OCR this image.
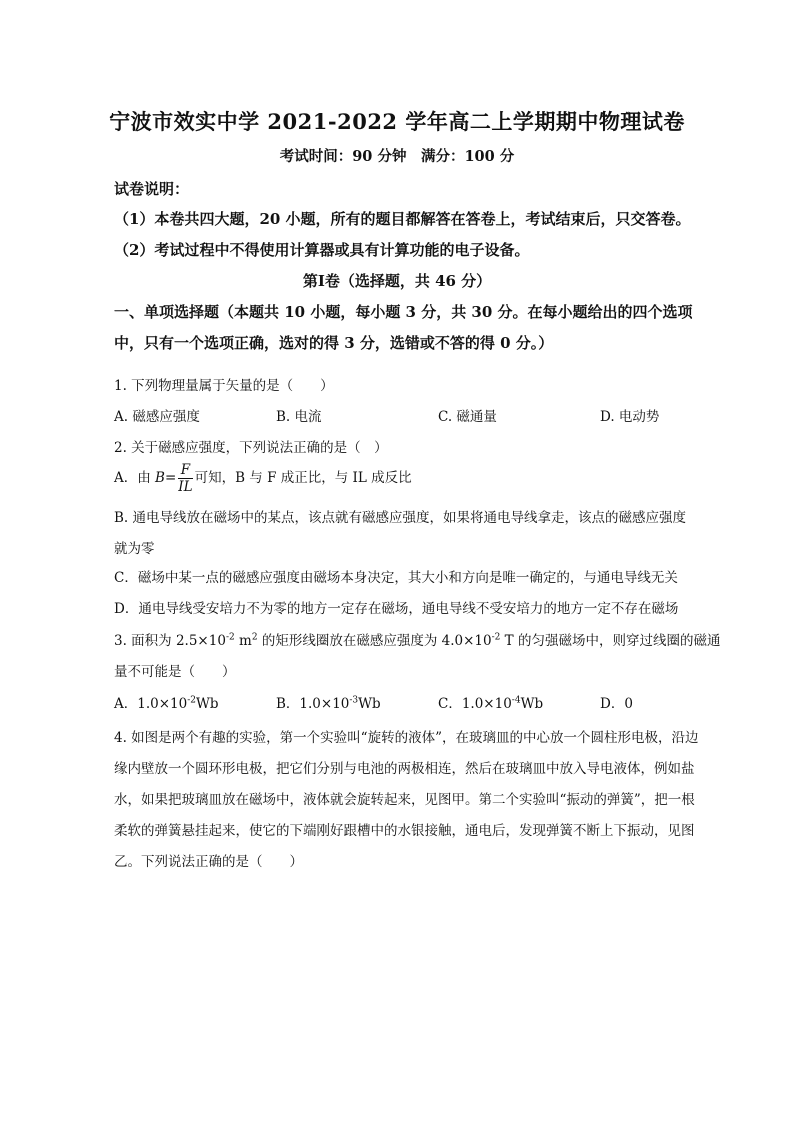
宁波市效实中学 2021-2022 学年高二上学期期中物理试卷
考试时间：90 分钟　满分：100 分
试卷说明：
（1）本卷共四大题，20 小题，所有的题目都解答在答卷上，考试结束后，只交答卷。
（2）考试过程中不得使用计算器或具有计算功能的电子设备。
第Ⅰ卷（选择题，共 46 分）
一、单项选择题（本题共 10 小题，每小题 3 分，共 30 分。在每小题给出的四个选项
中，只有一个选项正确，选对的得 3 分，选错或不答的得 0 分。）
1. 下列物理量属于矢量的是（　　）
A. 磁感应强度	B. 电流	C. 磁通量	D. 电动势
2. 关于磁感应强度，下列说法正确的是（　）
A．由 $B= \frac{F}{IL}$ 可知，B 与 F 成正比，与 IL 成反比
B. 通电导线放在磁场中的某点，该点就有磁感应强度，如果将通电导线拿走，该点的磁感应强度就为零
C．磁场中某一点的磁感应强度由磁场本身决定，其大小和方向是唯一确定的，与通电导线无关
D．通电导线受安培力不为零的地方一定存在磁场，通电导线不受安培力的地方一定不存在磁场
3. 面积为 $2.5\times 10^{-2}$ $m^2$ 的矩形线圈放在磁感应强度为 $4.0\times 10^{-2}$ T 的匀强磁场中，则穿过线圈的磁通
量不可能是（　　）
A．$1.0\times 10^{-2}Wb$	B．$1.0\times 10^{-3}Wb$	C．$1.0\times 10^{-4}Wb$	D．0
4. 如图是两个有趣的实验，第一个实验叫“旋转的液体”，在玻璃皿的中心放一个圆柱形电极，沿边缘内壁放一个圆环形电极，把它们分别与电池的两极相连，然后在玻璃皿中放入导电液体，例如盐水，如果把玻璃皿放在磁场中，液体就会旋转起来，见图甲。第二个实验叫“振动的弹簧”，把一根柔软的弹簧悬挂起来，使它的下端刚好跟槽中的水银接触，通电后，发现弹簧不断上下振动，见图乙。下列说法正确的是（　　）
